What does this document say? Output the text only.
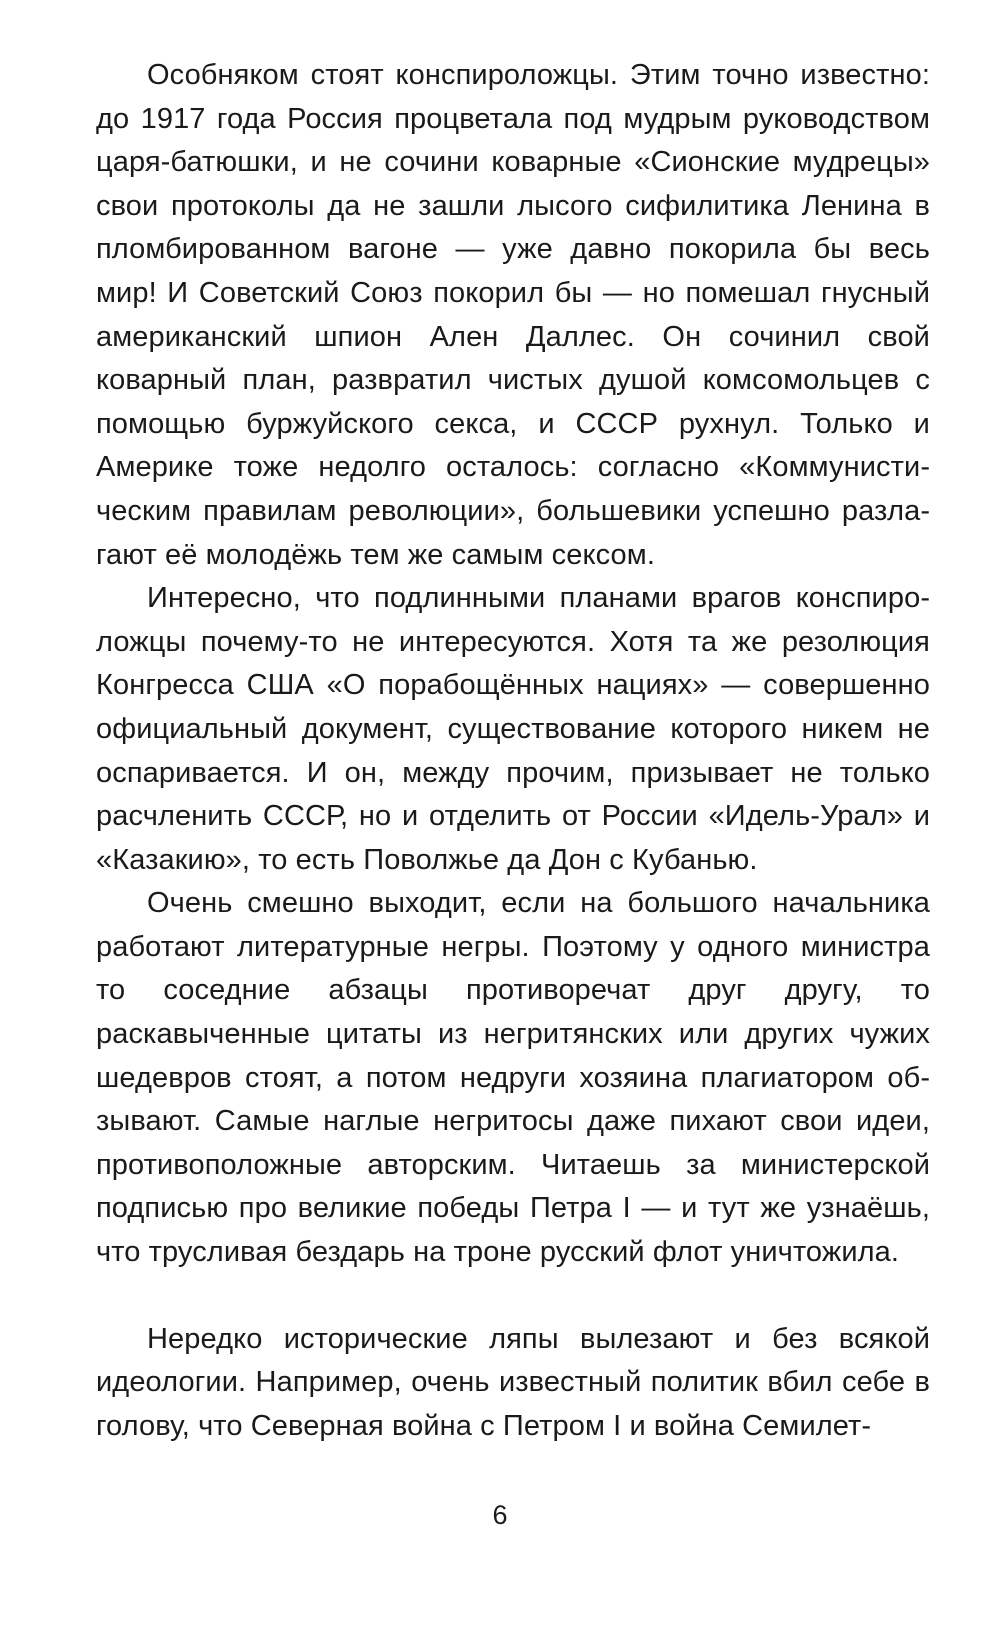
Особняком стоят конспироложцы. Этим точно известно: до 1917 года Россия процветала под мудрым руководством царя-батюшки, и не сочини коварные «Сионские мудрецы» свои протоколы да не зашли лысого сифилитика Ленина в пломбированном вагоне — уже давно покорила бы весь мир! И Советский Союз покорил бы — но помешал гнусный американский шпион Ален Даллес. Он сочинил свой коварный план, развратил чистых душой комсомольцев с помощью буржуйского секса, и СССР рухнул. Только и Америке тоже недолго осталось: согласно «Коммунистическим правилам революции», большевики успешно разлагают её молодёжь тем же самым сексом.

Интересно, что подлинными планами врагов конспироложцы почему-то не интересуются. Хотя та же резолюция Конгресса США «О порабощённых нациях» — совершенно официальный документ, существование которого никем не оспаривается. И он, между прочим, призывает не только расчленить СССР, но и отделить от России «Идель-Урал» и «Казакию», то есть Поволжье да Дон с Кубанью.

Очень смешно выходит, если на большого начальника работают литературные негры. Поэтому у одного министра то соседние абзацы противоречат друг другу, то раскавыченные цитаты из негритянских или других чужих шедевров стоят, а потом недруги хозяина плагиатором обзывают. Самые наглые негритосы даже пихают свои идеи, противоположные авторским. Читаешь за министерской подписью про великие победы Петра I — и тут же узнаёшь, что трусливая бездарь на троне русский флот уничтожила.

Нередко исторические ляпы вылезают и без всякой идеологии. Например, очень известный политик вбил себе в голову, что Северная война с Петром I и война Семилет-

6
